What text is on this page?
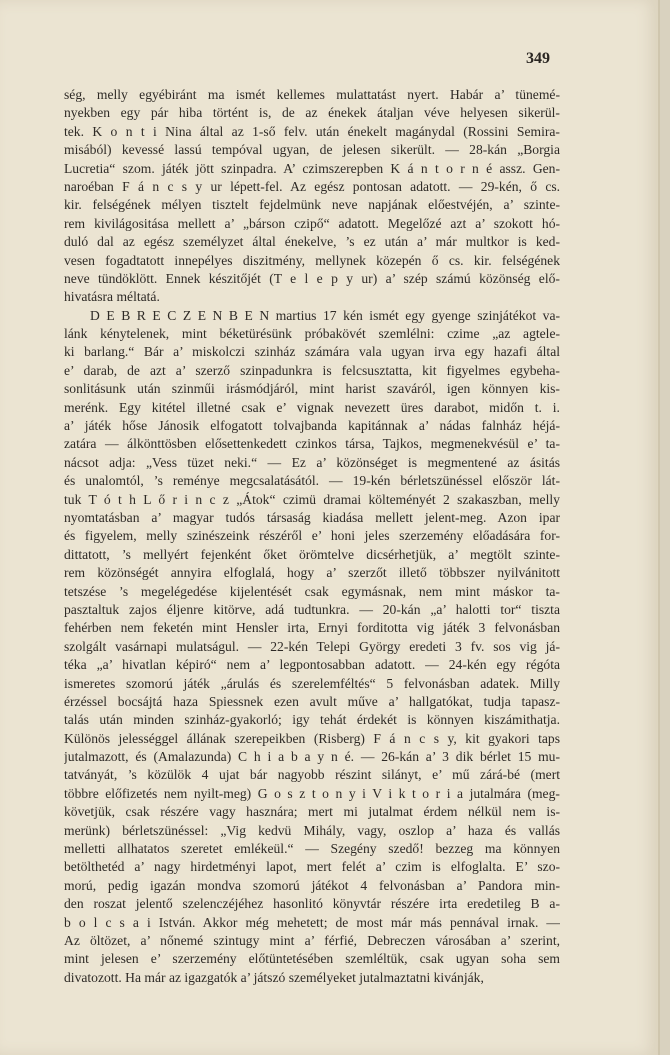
349
ség, melly egyébiránt ma ismét kellemes mulattatást nyert. Habár a’ tünemé-
nyekben egy pár hiba történt is, de az énekek átaljan véve helyesen sikerül-
tek. K o n t i Nina által az 1-ső felv. után énekelt magánydal (Rossini Semira-
misából) kevessé lassú tempóval ugyan, de jelesen sikerült. — 28-kán „Borgia
Lucretia“ szom. játék jött szinpadra. A’ czimszerepben K á n t o r n é assz. Gen-
naroéban F á n c s y ur lépett-fel. Az egész pontosan adatott. — 29-kén, ő cs.
kir. felségének mélyen tisztelt fejdelmünk neve napjának előestvéjén, a’ szinte-
rem kivilágositása mellett a’ „bárson czipő“ adatott. Megelőzé azt a’ szokott hó-
duló dal az egész személyzet által énekelve, ’s ez után a’ már multkor is ked-
vesen fogadtatott innepélyes diszitmény, mellynek közepén ő cs. kir. felségének
neve tündöklött. Ennek készitőjét (T e l e p y ur) a’ szép számú közönség elő-
hivatásra méltatá.
D E B R E C Z E N B E N martius 17 kén ismét egy gyenge szinjátékot va-
lánk kénytelenek, mint béketürésünk próbakövét szemlélni: czime „az agtele-
ki barlang.“ Bár a’ miskolczi szinház számára vala ugyan irva egy hazafi által
e’ darab, de azt a’ szerző szinpadunkra is felcsusztatta, kit figyelmes egybeha-
sonlitásunk után szinműi irásmódjáról, mint harist szaváról, igen könnyen kis-
merénk. Egy kitétel illetné csak e’ vignak nevezett üres darabot, midőn t. i.
a’ játék hőse Jánosik elfogatott tolvajbanda kapitánnak a’ nádas falnház héjá-
zatára — álkönttösben elősettenkedett czinkos társa, Tajkos, megmenekvésül e’ ta-
nácsot adja: „Vess tüzet neki.“ — Ez a’ közönséget is megmentené az ásitás
és unalomtól, ’s reménye megcsalatásától. — 19-kén bérletszünéssel először lát-
tuk T ó t h L ő r i n c z „Átok“ czimü dramai költeményét 2 szakaszban, melly
nyomtatásban a’ magyar tudós társaság kiadása mellett jelent-meg. Azon ipar
és figyelem, melly szinészeink részéről e’ honi jeles szerzemény előadására for-
dittatott, ’s mellyért fejenként őket örömtelve dicsérhetjük, a’ megtölt szinte-
rem közönségét annyira elfoglalá, hogy a’ szerzőt illető többszer nyilvánitott
tetszése ’s megelégedése kijelentését csak egymásnak, nem mint máskor ta-
pasztaltuk zajos éljenre kitörve, adá tudtunkra. — 20-kán „a’ halotti tor“ tiszta
fehérben nem feketén mint Hensler irta, Ernyi forditotta vig játék 3 felvonásban
szolgált vasárnapi mulatságul. — 22-kén Telepi György eredeti 3 fv. sos vig já-
téka „a’ hivatlan képiró“ nem a’ legpontosabban adatott. — 24-kén egy régóta
ismeretes szomorú játék „árulás és szerelemféltés“ 5 felvonásban adatek. Milly
érzéssel bocsájtá haza Spiessnek ezen avult műve a’ hallgatókat, tudja tapasz-
talás után minden szinház-gyakorló; igy tehát érdekét is könnyen kiszámithatja.
Különös jelességgel állának szerepeikben (Risberg) F á n c s y, kit gyakori taps
jutalmazott, és (Amalazunda) C h i a b a y n é. — 26-kán a’ 3 dik bérlet 15 mu-
tatványát, ’s közülök 4 ujat bár nagyobb részint silányt, e’ mű zárá-bé (mert
többre előfizetés nem nyilt-meg) G o s z t o n y i V i k t o r i a jutalmára (meg-
követjük, csak részére vagy hasznára; mert mi jutalmat érdem nélkül nem is-
merünk) bérletszünéssel: „Vig kedvü Mihály, vagy, oszlop a’ haza és vallás
melletti allhatatos szeretet emlékeül.“ — Szegény szedő! bezzeg ma könnyen
betölthetéd a’ nagy hirdetményi lapot, mert felét a’ czim is elfoglalta. E’ szo-
morú, pedig igazán mondva szomorú játékot 4 felvonásban a’ Pandora min-
den roszat jelentő szelenczéjéhez hasonlitó könyvtár részére irta eredetileg B a-
b o l c s a i István. Akkor még mehetett; de most már más pennával irnak. —
Az öltözet, a’ nőnemé szintugy mint a’ férfié, Debreczen városában a’ szerint,
mint jelesen e’ szerzemény előtüntetésében szemléltük, csak ugyan soha sem
divatozott. Ha már az igazgatók a’ játszó személyeket jutalmaztatni kivánják,
